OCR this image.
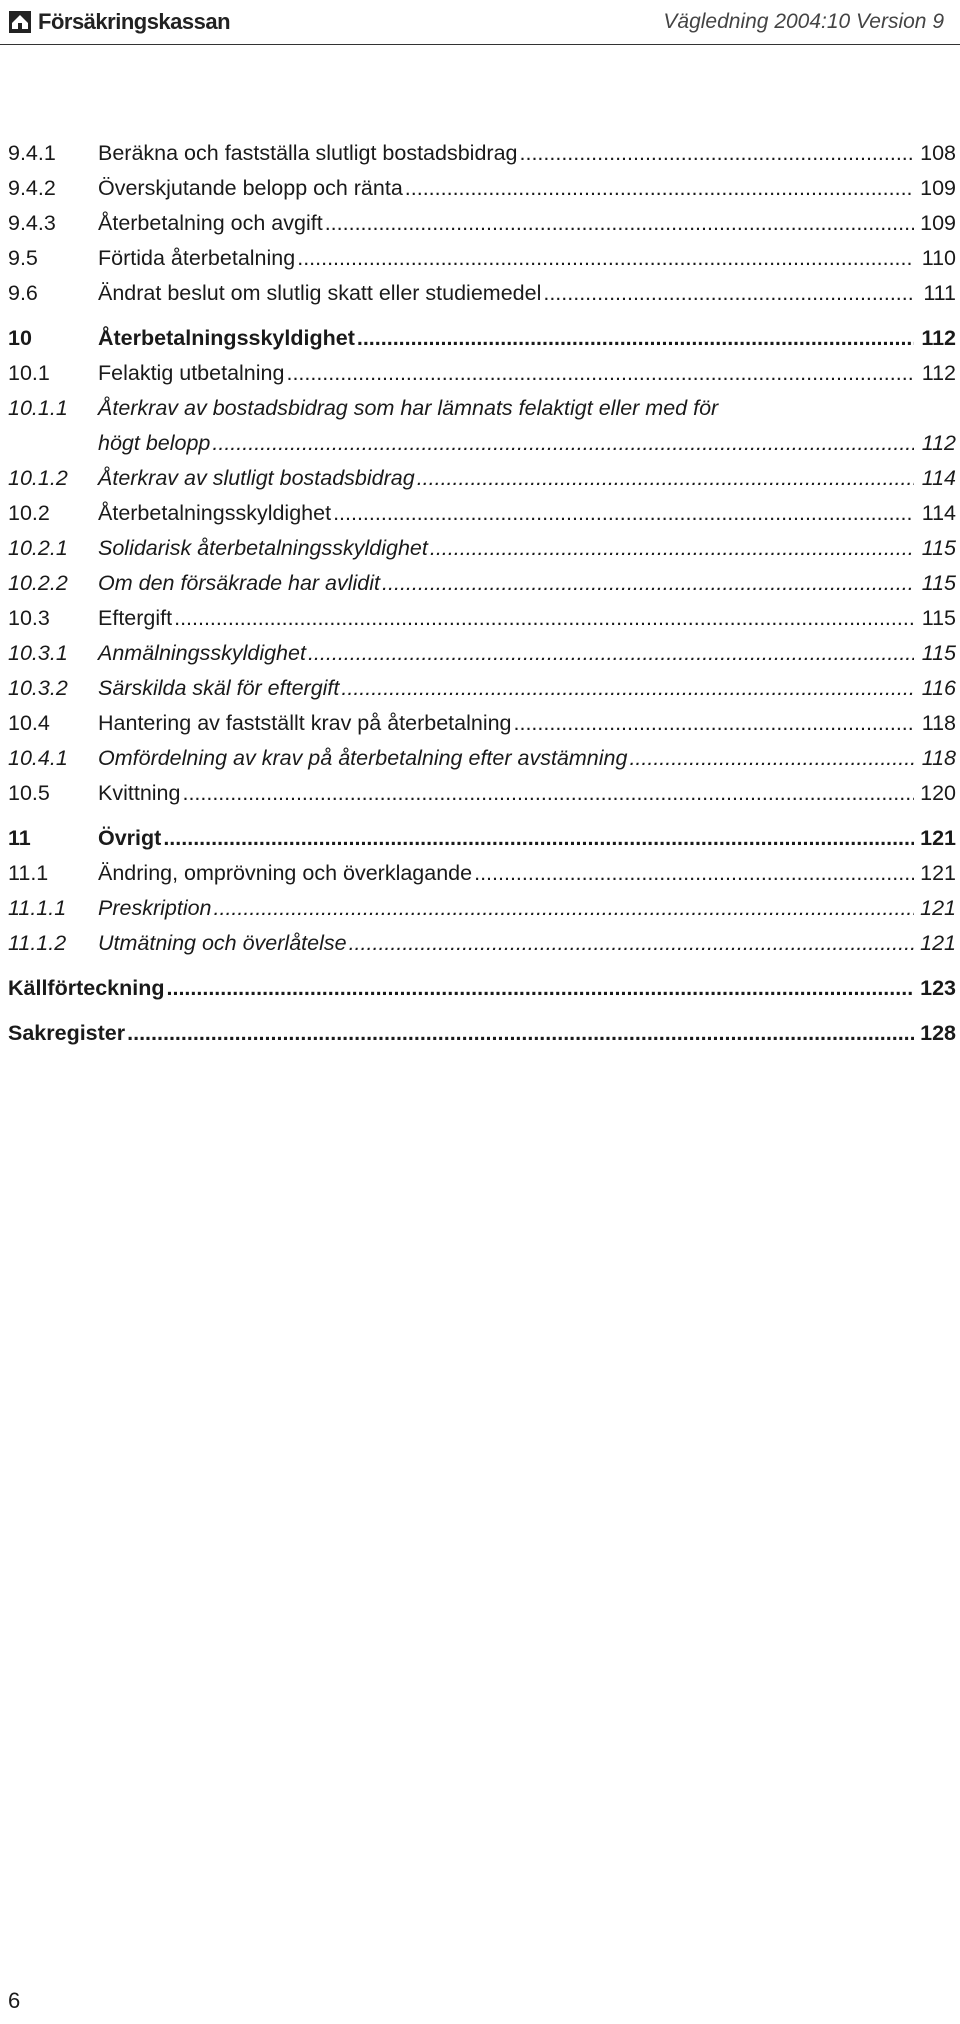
Försäkringskassan	Vägledning 2004:10 Version 9
9.4.1	Beräkna och fastställa slutligt bostadsbidrag .....	108
9.4.2	Överskjutande belopp och ränta .....	109
9.4.3	Återbetalning och avgift .....	109
9.5	Förtida återbetalning .....	110
9.6	Ändrat beslut om slutlig skatt eller studiemedel .....	111
10	Återbetalningsskyldighet .....	112
10.1	Felaktig utbetalning .....	112
10.1.1	Återkrav av bostadsbidrag som har lämnats felaktigt eller med för
högt belopp .....	112
10.1.2	Återkrav av slutligt bostadsbidrag .....	114
10.2	Återbetalningsskyldighet .....	114
10.2.1	Solidarisk återbetalningsskyldighet .....	115
10.2.2	Om den försäkrade har avlidit .....	115
10.3	Eftergift .....	115
10.3.1	Anmälningsskyldighet .....	115
10.3.2	Särskilda skäl för eftergift .....	116
10.4	Hantering av fastställt krav på återbetalning .....	118
10.4.1	Omfördelning av krav på återbetalning efter avstämning .....	118
10.5	Kvittning .....	120
11	Övrigt .....	121
11.1	Ändring, omprövning och överklagande .....	121
11.1.1	Preskription .....	121
11.1.2	Utmätning och överlåtelse .....	121
Källförteckning .....	123
Sakregister .....	128
6
